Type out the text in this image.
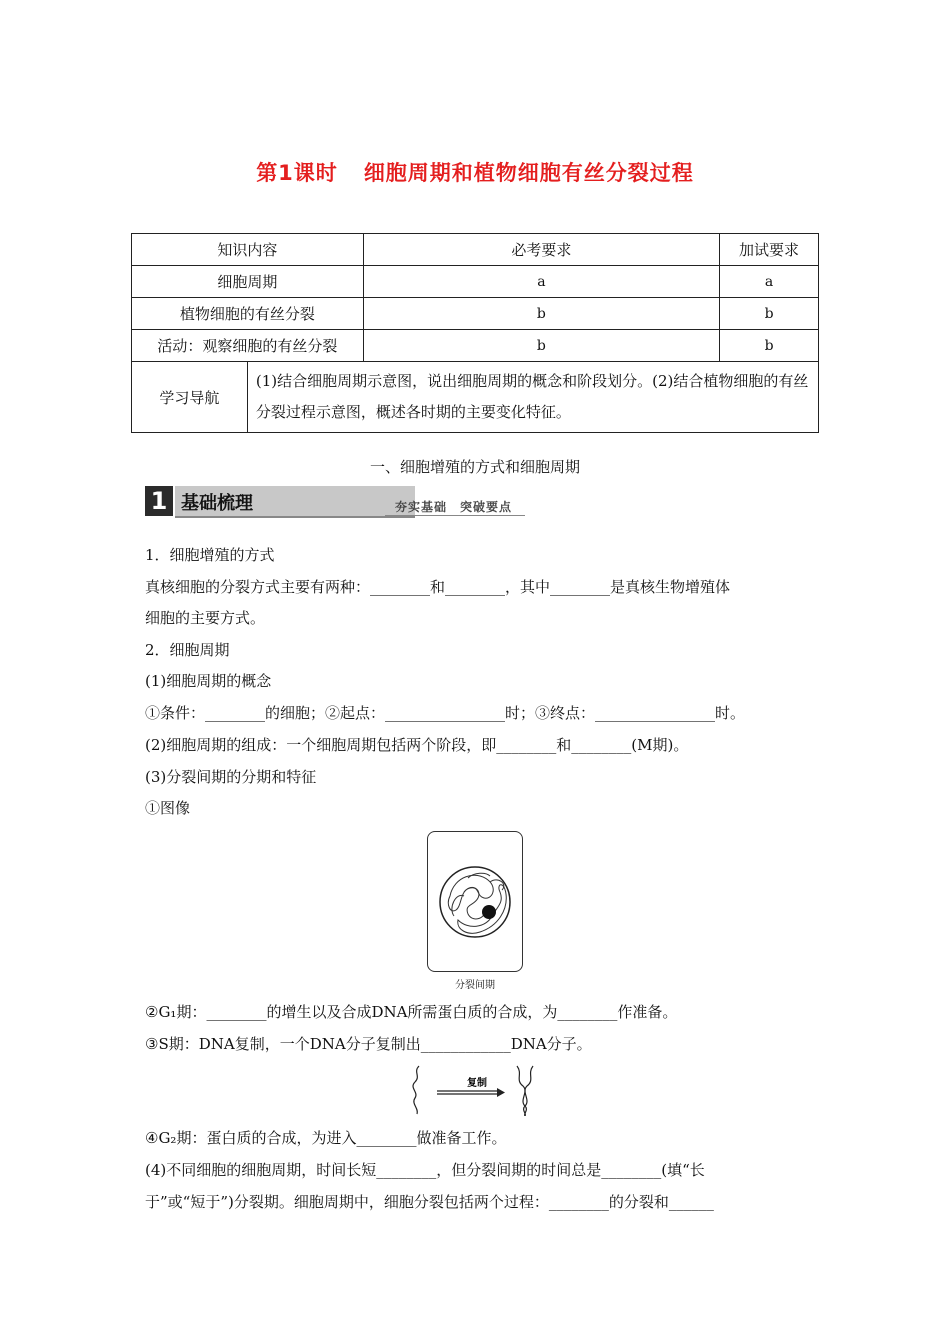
第1课时 细胞周期和植物细胞有丝分裂过程
知识内容		必考要求	加试要求
细胞周期		a	a
植物细胞的有丝分裂		b	b
活动：观察细胞的有丝分裂		b	b
学习导航	(1)结合细胞周期示意图，说出细胞周期的概念和阶段划分。(2)结合植物细胞的有丝分裂过程示意图，概述各时期的主要变化特征。		
一、细胞增殖的方式和细胞周期
1 基础梳理	夯实基础　突破要点
1．细胞增殖的方式
真核细胞的分裂方式主要有两种：________和________，其中________是真核生物增殖体
细胞的主要方式。
2．细胞周期
(1)细胞周期的概念
①条件：________的细胞；②起点：________________时；③终点：________________时。
(2)细胞周期的组成：一个细胞周期包括两个阶段，即________和________(M期)。
(3)分裂间期的分期和特征
①图像
分裂间期
②G₁期：________的增生以及合成DNA所需蛋白质的合成，为________作准备。
③S期：DNA复制，一个DNA分子复制出____________DNA分子。
复制
④G₂期：蛋白质的合成，为进入________做准备工作。
(4)不同细胞的细胞周期，时间长短________，但分裂间期的时间总是________(填“长
于”或“短于”)分裂期。细胞周期中，细胞分裂包括两个过程：________的分裂和______
